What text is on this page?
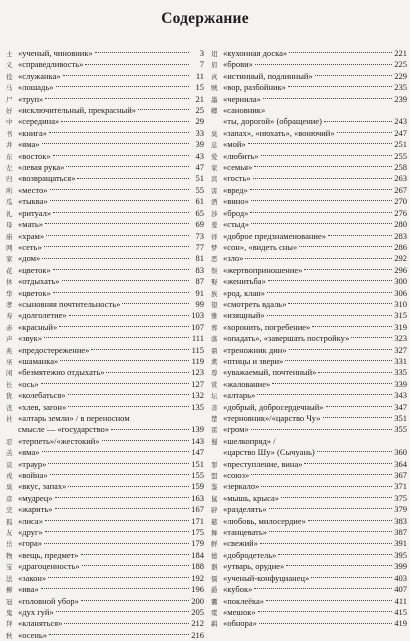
Содержание
士 «ученый, чиновник»	3
义 «справедливость»	7
役 «служанка»	11
马 «лошадь»	15
尸 «труп»	21
好 «исключительный, прекрасный»	25
中 «середина»	29
书 «книга»	33
井 «яма»	39
东 «восток»	43
左 «левая рука»	47
归 «возвращаться»	51
所 «место»	55
瓜 «тыква»	61
礼 «ритуал»	65
母 «мать»	69
庙 «храм»	73
网 «сеть»	77
家 «дом»	81
花 «цветок»	83
休 «отдыхать»	87
华 «цветок»	91
孝 «сыновняя почтительность»	99
寿 «долголетие»	103
赤 «красный»	107
声 «звук»	111
兆 «предостережение»	115
巫 «шаманка»	119
闲 «безмятежно отдыхать»	123
长 «ось»	127
犹 «колебаться»	132
丧 «хлев, загон»	135
社 «алтарь земли» / в переносном
смысле — «государство»	139
忍 «терпеть»/«жестокий»	143
羔 «яма»	147
哀 «траур»	151
戎 «война»	155
臭 «вкус, запах»	159
彦 «мудрец»	163
烹 «жарить»	167
狐 «лиса»	171
友 «друг»	175
岳 «гора»	179
物 «вещь, предмет»	184
宝 «драгоценность»	188
法 «закон»	192
柳 «ива»	196
冠 «головной убор»	200
鬼 «дух гуй»	205
拜 «кланяться»	212
秋 «осень»	216
俎 «кухонная доска»	221
眉 «брови»	225
真 «истинный, подлинный»	229
贼 «вор, разбойник»	235
墨 «чернила»	239
卿 «сановник»
«ты, дорогой» (обращение)	243
臭 «запах», «нюхать», «вонючий»	247
息 «мой»	251
爱 «любить»	255
家 «семья»	258
宾 «гость»	263
害 «вред»	267
酒 «вино»	270
涉 «брод»	276
羞 «стыд»	280
祥 «доброе предзнаменование»	283
梦 «сон», «видеть сны»	286
恶 «зло»	292
祭 «жертвоприношение»	296
娶 «женитьба»	300
族 «род, клан»	306
望 «смотреть вдаль»	310
雅 «изящный»	315
葬 «хоронить, погребение»	319
落 «опадать», «завершать постройку»	323
鼎 «треножник дин»	327
禽 «птицы и звери»	331
尊 «уважаемый, почтенный»	335
赏 «жалование»	339
坛 «алтарь»	343
善 «добрый, добросердечный»	347
楚 «терновник»/«царство Чу»	351
雷 «гром»	355
蜀 «шелкопряд» /
«царство Шу» (Сычуань)	360
罪 «преступление, вина»	364
盟 «союз»	367
鉴 «зеркало»	371
鼠 «мышь, крыса»	375
辟 «разделять»	379
慈 «любовь, милосердие»	383
舞 «танцевать»	387
鲜 «свежий»	391
德 «добродетель»	395
器 «утварь, орудие»	399
儒 «ученый-конфуцианец»	403
爵 «кубок»	407
囊 «поклеёка»	411
橐 «мешок»	415
羁 «обнора»	419
